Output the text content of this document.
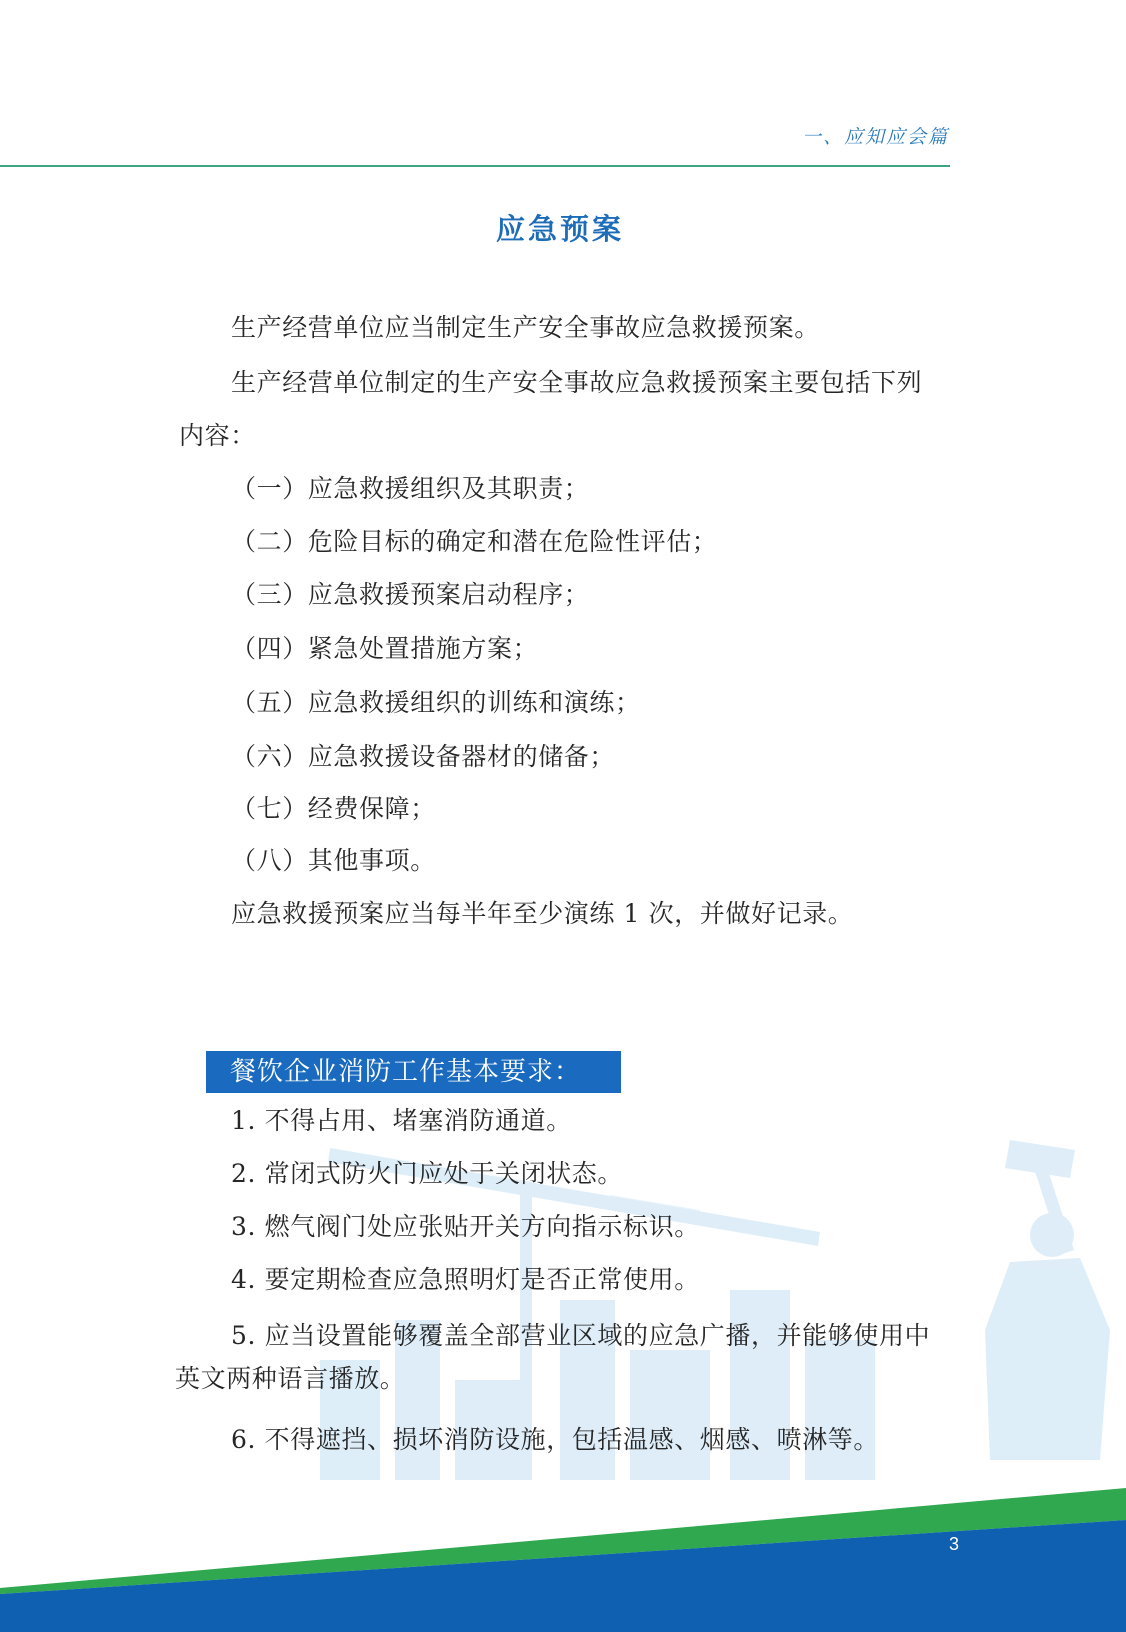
一、应知应会篇
应急预案
生产经营单位应当制定生产安全事故应急救援预案。
生产经营单位制定的生产安全事故应急救援预案主要包括下列
内容：
（一）应急救援组织及其职责；
（二）危险目标的确定和潜在危险性评估；
（三）应急救援预案启动程序；
（四）紧急处置措施方案；
（五）应急救援组织的训练和演练；
（六）应急救援设备器材的储备；
（七）经费保障；
（八）其他事项。
应急救援预案应当每半年至少演练 1 次，并做好记录。
餐饮企业消防工作基本要求：
1. 不得占用、堵塞消防通道。
2. 常闭式防火门应处于关闭状态。
3. 燃气阀门处应张贴开关方向指示标识。
4. 要定期检查应急照明灯是否正常使用。
5. 应当设置能够覆盖全部营业区域的应急广播，并能够使用中
英文两种语言播放。
6. 不得遮挡、损坏消防设施，包括温感、烟感、喷淋等。
3
